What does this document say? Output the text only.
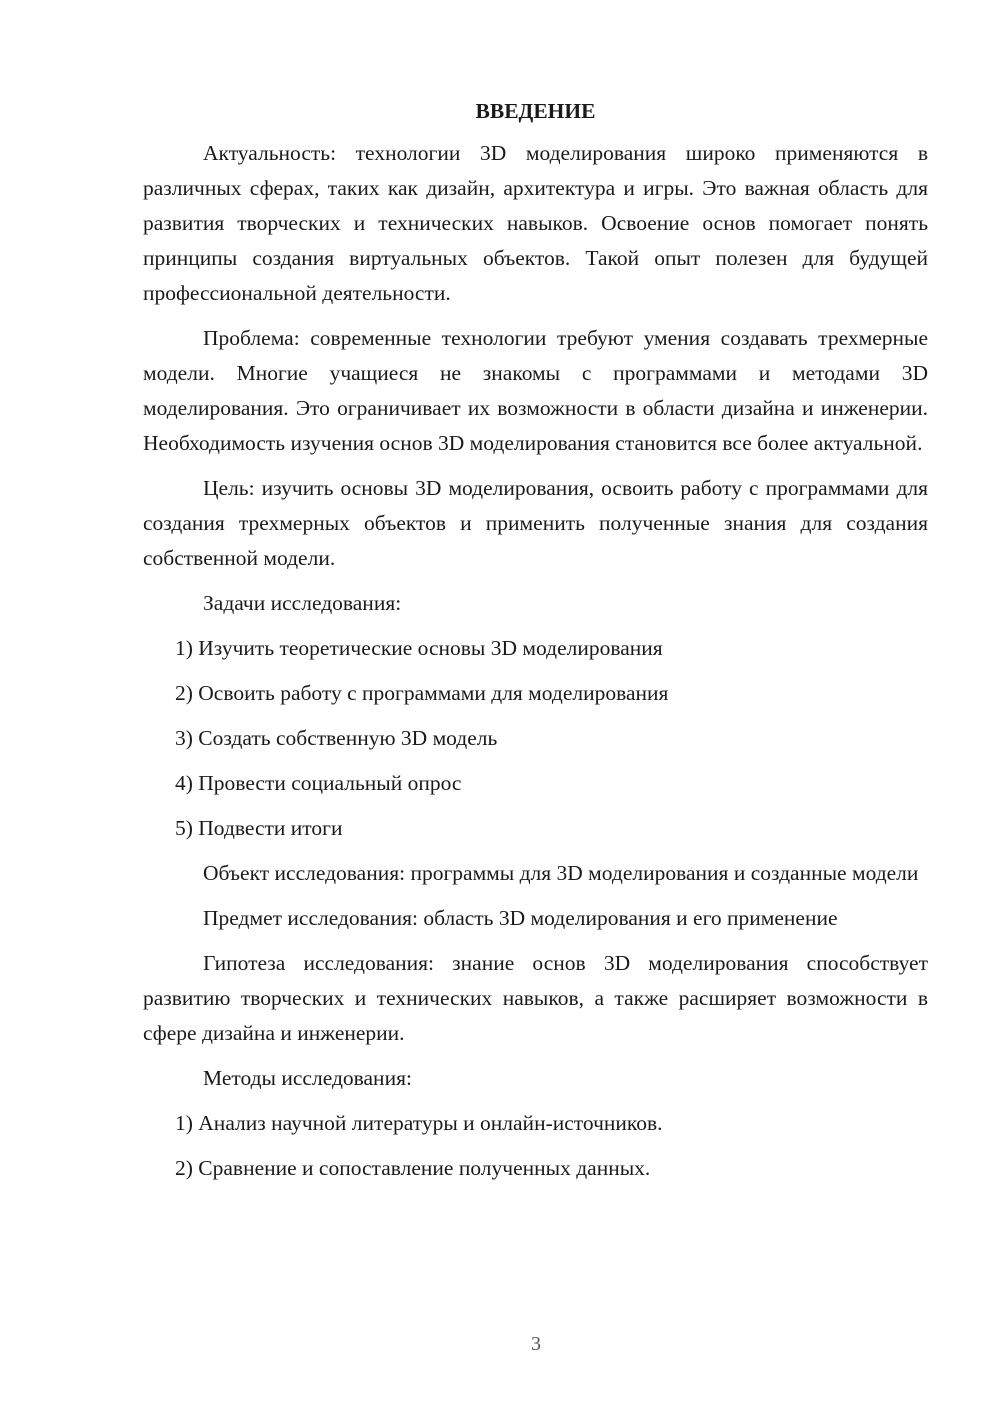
ВВЕДЕНИЕ

Актуальность: технологии 3D моделирования широко применяются в различных сферах, таких как дизайн, архитектура и игры. Это важная область для развития творческих и технических навыков. Освоение основ помогает понять принципы создания виртуальных объектов. Такой опыт полезен для будущей профессиональной деятельности.

Проблема: современные технологии требуют умения создавать трехмерные модели. Многие учащиеся не знакомы с программами и методами 3D моделирования. Это ограничивает их возможности в области дизайна и инженерии. Необходимость изучения основ 3D моделирования становится все более актуальной.

Цель: изучить основы 3D моделирования, освоить работу с программами для создания трехмерных объектов и применить полученные знания для создания собственной модели.

Задачи исследования:

1) Изучить теоретические основы 3D моделирования
2) Освоить работу с программами для моделирования
3) Создать собственную 3D модель
4) Провести социальный опрос
5) Подвести итоги

Объект исследования: программы для 3D моделирования и созданные модели

Предмет исследования: область 3D моделирования и его применение

Гипотеза исследования: знание основ 3D моделирования способствует развитию творческих и технических навыков, а также расширяет возможности в сфере дизайна и инженерии.

Методы исследования:

1) Анализ научной литературы и онлайн-источников.
2) Сравнение и сопоставление полученных данных.
3
